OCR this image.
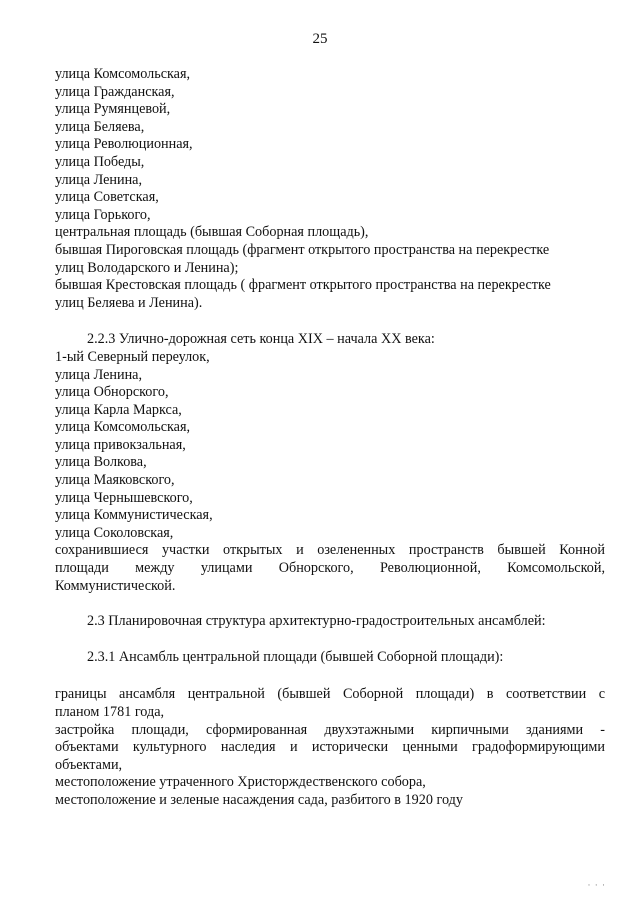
25
улица Комсомольская,
улица Гражданская,
улица Румянцевой,
улица Беляева,
улица Революционная,
улица Победы,
улица Ленина,
улица Советская,
улица Горького,
центральная площадь (бывшая Соборная площадь),
бывшая Пироговская площадь (фрагмент открытого пространства на перекрестке
улиц Володарского и Ленина);
бывшая Крестовская площадь ( фрагмент открытого пространства на перекрестке
улиц Беляева и Ленина).
2.2.3 Улично-дорожная сеть конца XIX – начала XX века:
1-ый Северный переулок,
улица Ленина,
улица Обнорского,
улица Карла Маркса,
улица Комсомольская,
улица привокзальная,
улица Волкова,
улица Маяковского,
улица Чернышевского,
улица Коммунистическая,
улица Соколовская,
сохранившиеся участки открытых и озелененных пространств бывшей Конной
площади между улицами Обнорского, Революционной, Комсомольской,
Коммунистической.
2.3 Планировочная структура архитектурно-градостроительных ансамблей:
2.3.1 Ансамбль центральной площади (бывшей Соборной площади):
границы ансамбля центральной (бывшей Соборной площади) в соответствии с
планом 1781 года,
застройка площади, сформированная двухэтажными кирпичными зданиями -
объектами культурного наследия и исторически ценными градоформирующими
объектами,
местоположение утраченного Христорждественского собора,
местоположение и зеленые насаждения сада, разбитого в 1920 году
· · ·
